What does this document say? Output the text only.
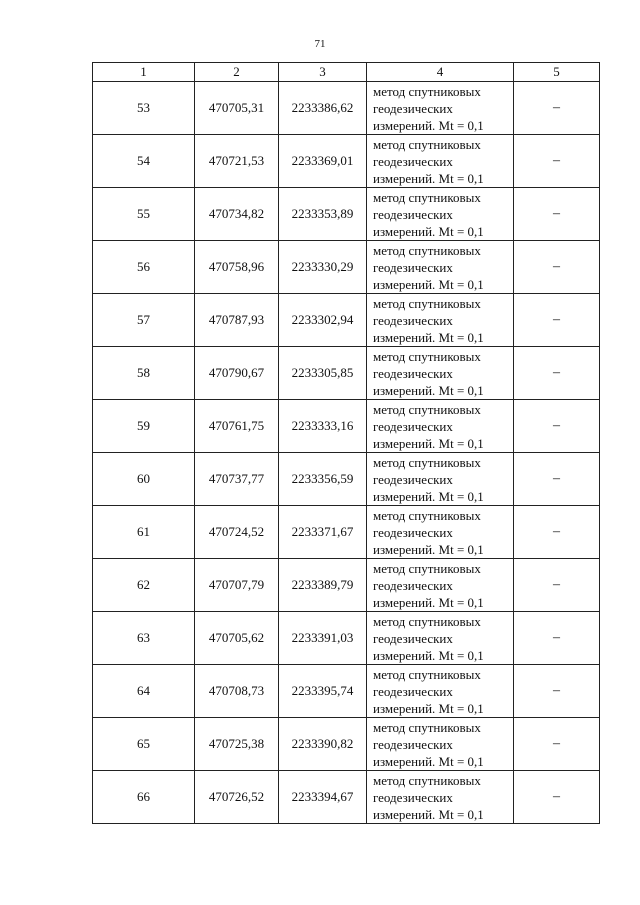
71
1	2	3	4	5
53	470705,31	2233386,62	метод спутниковых
геодезических
измерений. Mt = 0,1	–
54	470721,53	2233369,01	метод спутниковых
геодезических
измерений. Mt = 0,1	–
55	470734,82	2233353,89	метод спутниковых
геодезических
измерений. Mt = 0,1	–
56	470758,96	2233330,29	метод спутниковых
геодезических
измерений. Mt = 0,1	–
57	470787,93	2233302,94	метод спутниковых
геодезических
измерений. Mt = 0,1	–
58	470790,67	2233305,85	метод спутниковых
геодезических
измерений. Mt = 0,1	–
59	470761,75	2233333,16	метод спутниковых
геодезических
измерений. Mt = 0,1	–
60	470737,77	2233356,59	метод спутниковых
геодезических
измерений. Mt = 0,1	–
61	470724,52	2233371,67	метод спутниковых
геодезических
измерений. Mt = 0,1	–
62	470707,79	2233389,79	метод спутниковых
геодезических
измерений. Mt = 0,1	–
63	470705,62	2233391,03	метод спутниковых
геодезических
измерений. Mt = 0,1	–
64	470708,73	2233395,74	метод спутниковых
геодезических
измерений. Mt = 0,1	–
65	470725,38	2233390,82	метод спутниковых
геодезических
измерений. Mt = 0,1	–
66	470726,52	2233394,67	метод спутниковых
геодезических
измерений. Mt = 0,1	–
